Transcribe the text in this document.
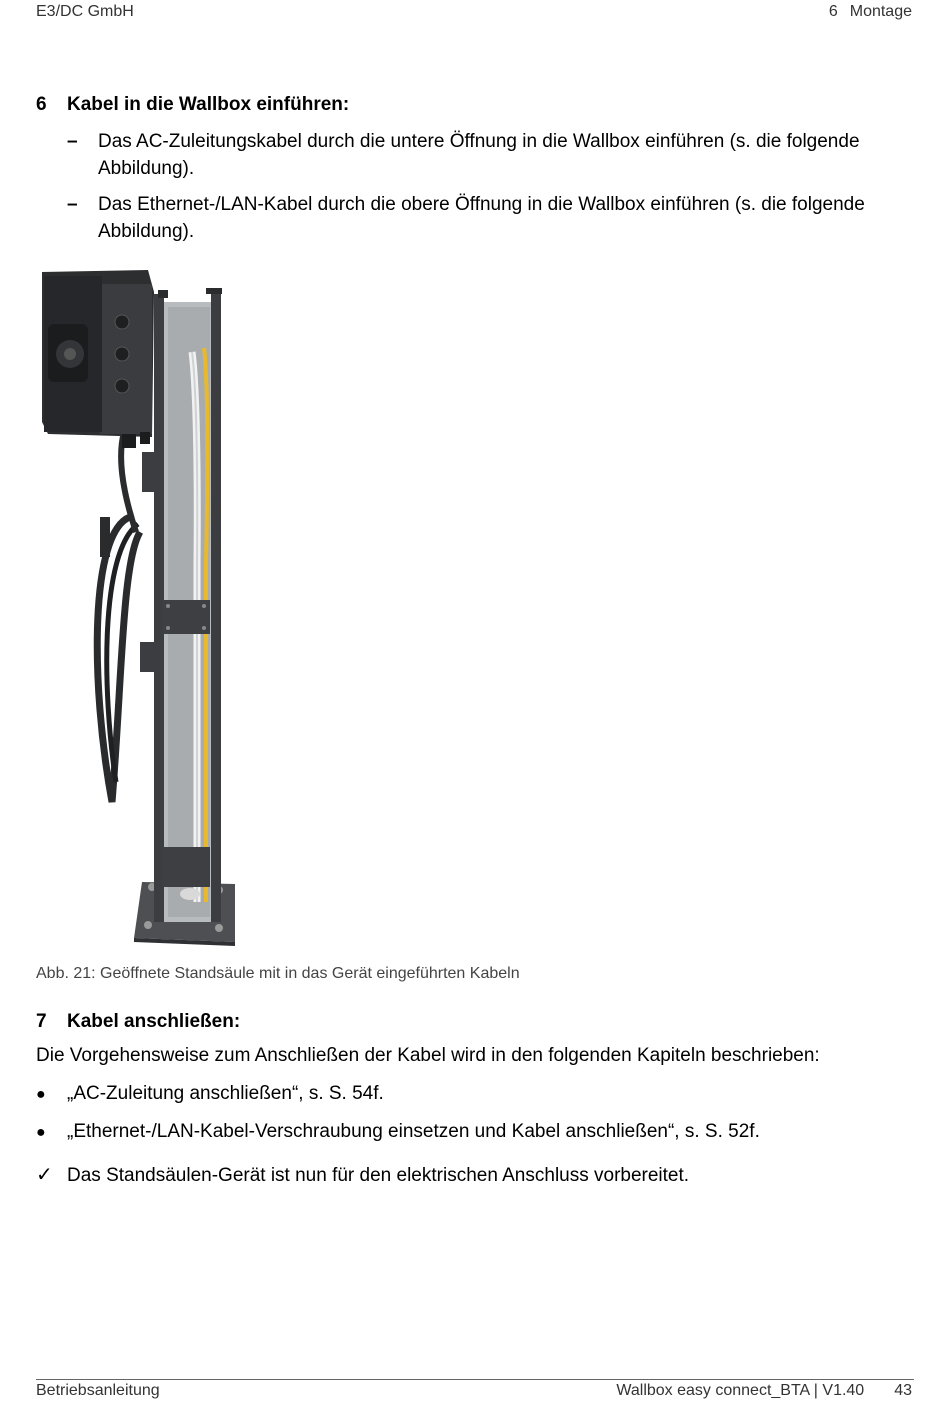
E3/DC GmbH	6 Montage
6 Kabel in die Wallbox einführen:
– Das AC-Zuleitungskabel durch die untere Öffnung in die Wallbox einführen (s. die folgende Abbildung).
– Das Ethernet-/LAN-Kabel durch die obere Öffnung in die Wallbox einführen (s. die folgende Abbildung).
Abb. 21: Geöffnete Standsäule mit in das Gerät eingeführten Kabeln
7 Kabel anschließen:
Die Vorgehensweise zum Anschließen der Kabel wird in den folgenden Kapiteln beschrieben:
● „AC-Zuleitung anschließen“, s. S. 54f.
● „Ethernet-/LAN-Kabel-Verschraubung einsetzen und Kabel anschließen“, s. S. 52f.
✓ Das Standsäulen-Gerät ist nun für den elektrischen Anschluss vorbereitet.
Betriebsanleitung	Wallbox easy connect_BTA | V1.40 43
